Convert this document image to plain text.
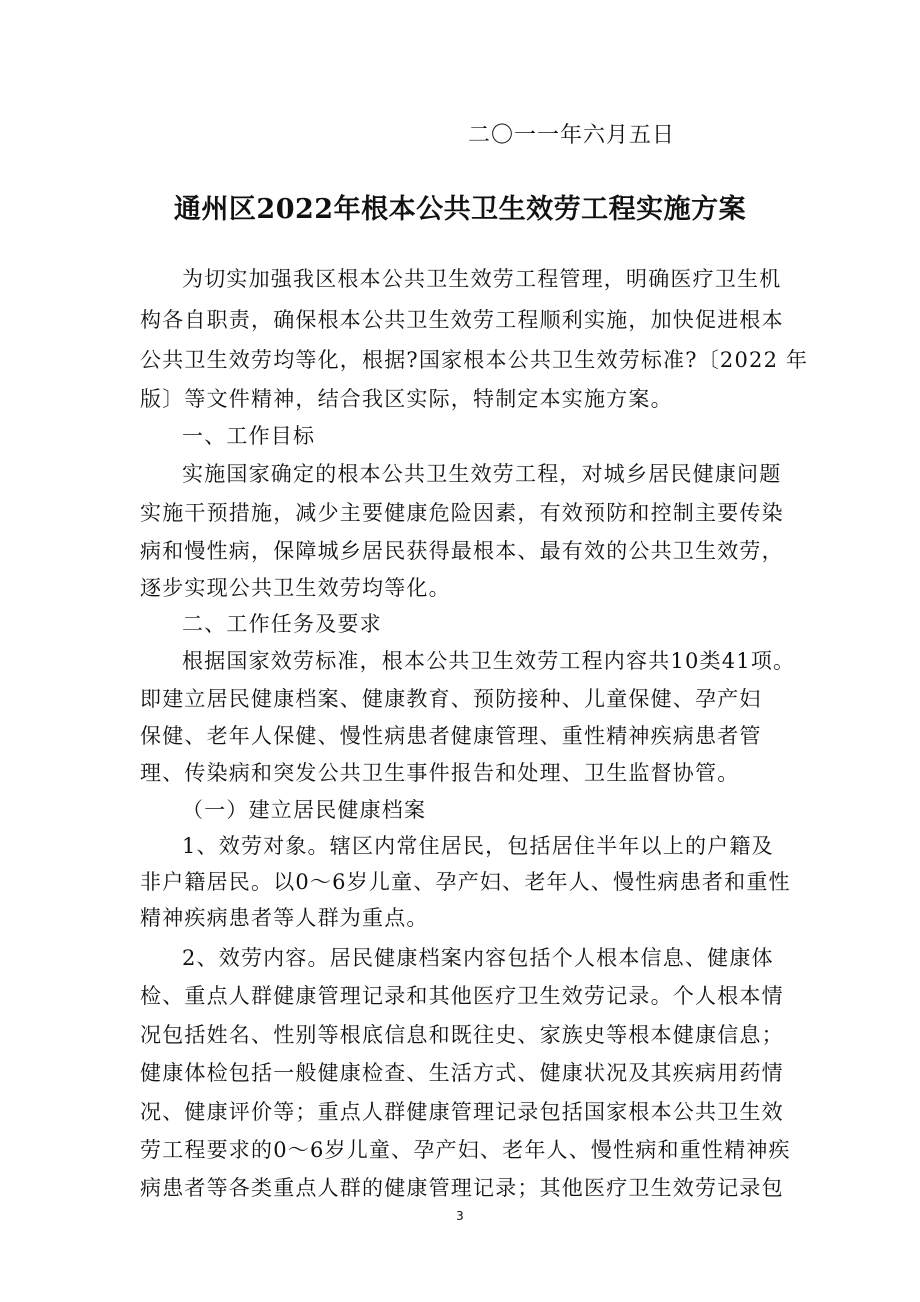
二〇一一年六月五日
通州区2022年根本公共卫生效劳工程实施方案
为切实加强我区根本公共卫生效劳工程管理，明确医疗卫生机
构各自职责，确保根本公共卫生效劳工程顺利实施，加快促进根本
公共卫生效劳均等化，根据?国家根本公共卫生效劳标准?〔2022 年
版〕等文件精神，结合我区实际，特制定本实施方案。
一、工作目标
实施国家确定的根本公共卫生效劳工程，对城乡居民健康问题
实施干预措施，减少主要健康危险因素，有效预防和控制主要传染
病和慢性病，保障城乡居民获得最根本、最有效的公共卫生效劳，
逐步实现公共卫生效劳均等化。
二、工作任务及要求
根据国家效劳标准，根本公共卫生效劳工程内容共10类41项。
即建立居民健康档案、健康教育、预防接种、儿童保健、孕产妇
保健、老年人保健、慢性病患者健康管理、重性精神疾病患者管
理、传染病和突发公共卫生事件报告和处理、卫生监督协管。
（一）建立居民健康档案
1、效劳对象。辖区内常住居民，包括居住半年以上的户籍及
非户籍居民。以0～6岁儿童、孕产妇、老年人、慢性病患者和重性
精神疾病患者等人群为重点。
2、效劳内容。居民健康档案内容包括个人根本信息、健康体
检、重点人群健康管理记录和其他医疗卫生效劳记录。个人根本情
况包括姓名、性别等根底信息和既往史、家族史等根本健康信息；
健康体检包括一般健康检查、生活方式、健康状况及其疾病用药情
况、健康评价等；重点人群健康管理记录包括国家根本公共卫生效
劳工程要求的0～6岁儿童、孕产妇、老年人、慢性病和重性精神疾
病患者等各类重点人群的健康管理记录；其他医疗卫生效劳记录包
3
